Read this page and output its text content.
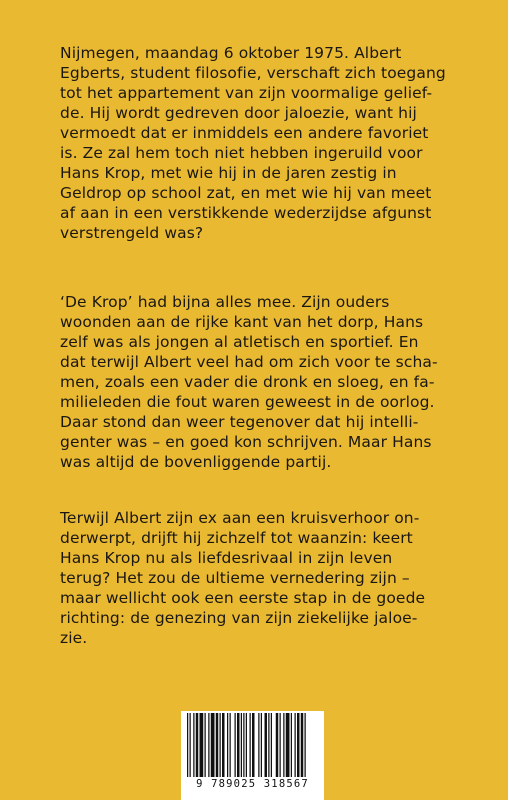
Nijmegen, maandag 6 oktober 1975. Albert
Egberts, student filosofie, verschaft zich toegang
tot het appartement van zijn voormalige gelief-
de. Hij wordt gedreven door jaloezie, want hij
vermoedt dat er inmiddels een andere favoriet
is. Ze zal hem toch niet hebben ingeruild voor
Hans Krop, met wie hij in de jaren zestig in
Geldrop op school zat, en met wie hij van meet
af aan in een verstikkende wederzijdse afgunst
verstrengeld was?
‘De Krop’ had bijna alles mee. Zijn ouders
woonden aan de rijke kant van het dorp, Hans
zelf was als jongen al atletisch en sportief. En
dat terwijl Albert veel had om zich voor te scha-
men, zoals een vader die dronk en sloeg, en fa-
milieleden die fout waren geweest in de oorlog.
Daar stond dan weer tegenover dat hij intelli-
genter was – en goed kon schrijven. Maar Hans
was altijd de bovenliggende partij.
Terwijl Albert zijn ex aan een kruisverhoor on-
derwerpt, drijft hij zichzelf tot waanzin: keert
Hans Krop nu als liefdesrivaal in zijn leven
terug? Het zou de ultieme vernedering zijn –
maar wellicht ook een eerste stap in de goede
richting: de genezing van zijn ziekelijke jaloe-
zie.
9 789025 318567
